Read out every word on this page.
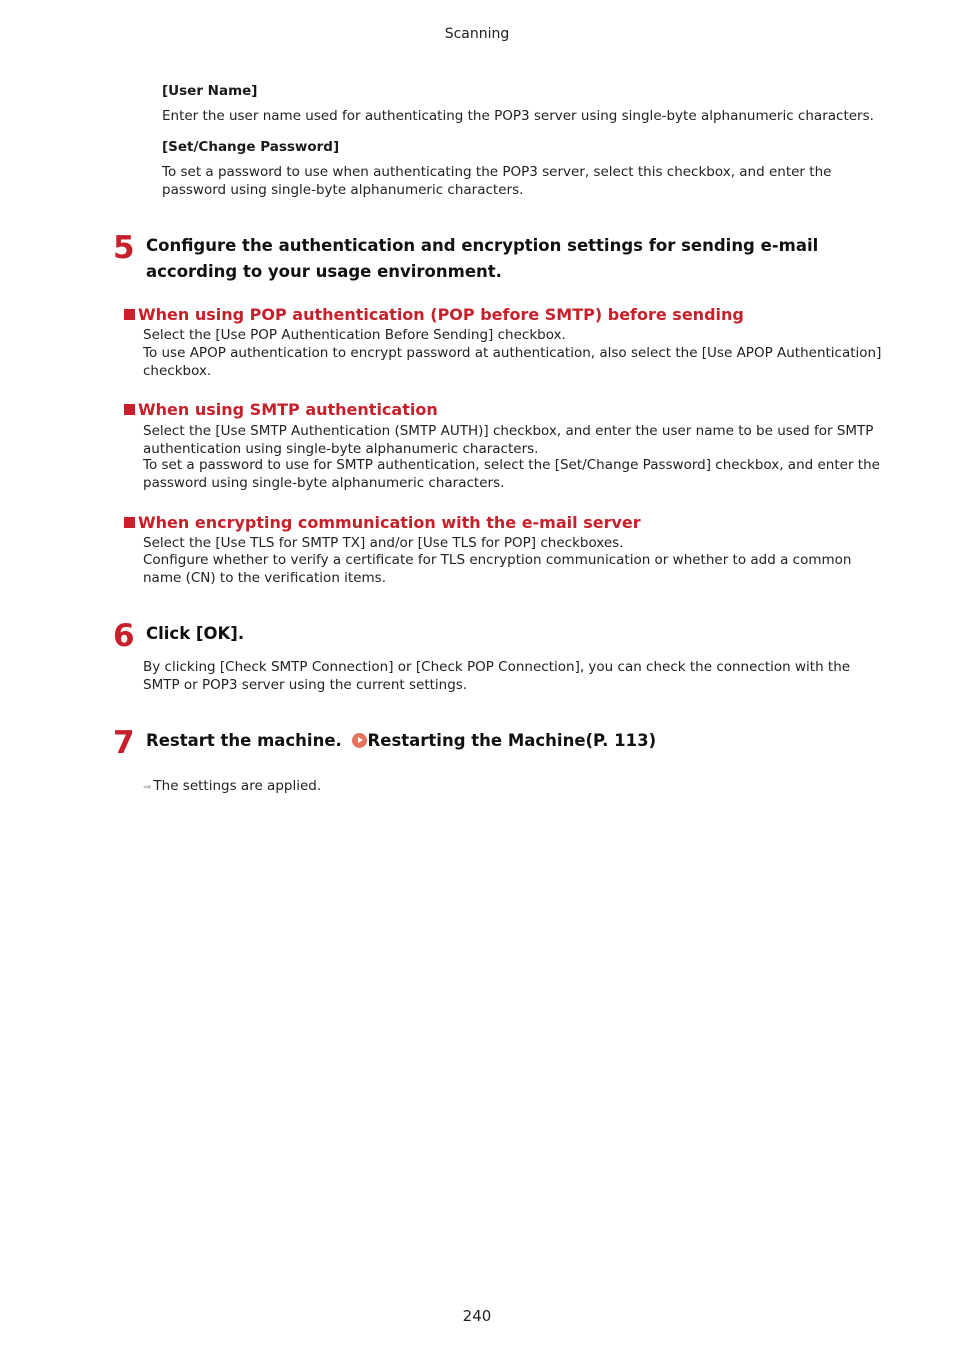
Scanning
[User Name]
Enter the user name used for authenticating the POP3 server using single-byte alphanumeric characters.
[Set/Change Password]
To set a password to use when authenticating the POP3 server, select this checkbox, and enter the password using single-byte alphanumeric characters.
5 Configure the authentication and encryption settings for sending e-mail according to your usage environment.
When using POP authentication (POP before SMTP) before sending
Select the [Use POP Authentication Before Sending] checkbox.
To use APOP authentication to encrypt password at authentication, also select the [Use APOP Authentication] checkbox.
When using SMTP authentication
Select the [Use SMTP Authentication (SMTP AUTH)] checkbox, and enter the user name to be used for SMTP authentication using single-byte alphanumeric characters.
To set a password to use for SMTP authentication, select the [Set/Change Password] checkbox, and enter the password using single-byte alphanumeric characters.
When encrypting communication with the e-mail server
Select the [Use TLS for SMTP TX] and/or [Use TLS for POP] checkboxes.
Configure whether to verify a certificate for TLS encryption communication or whether to add a common name (CN) to the verification items.
6 Click [OK].
By clicking [Check SMTP Connection] or [Check POP Connection], you can check the connection with the SMTP or POP3 server using the current settings.
7 Restart the machine. Restarting the Machine(P. 113)
⇒ The settings are applied.
240
